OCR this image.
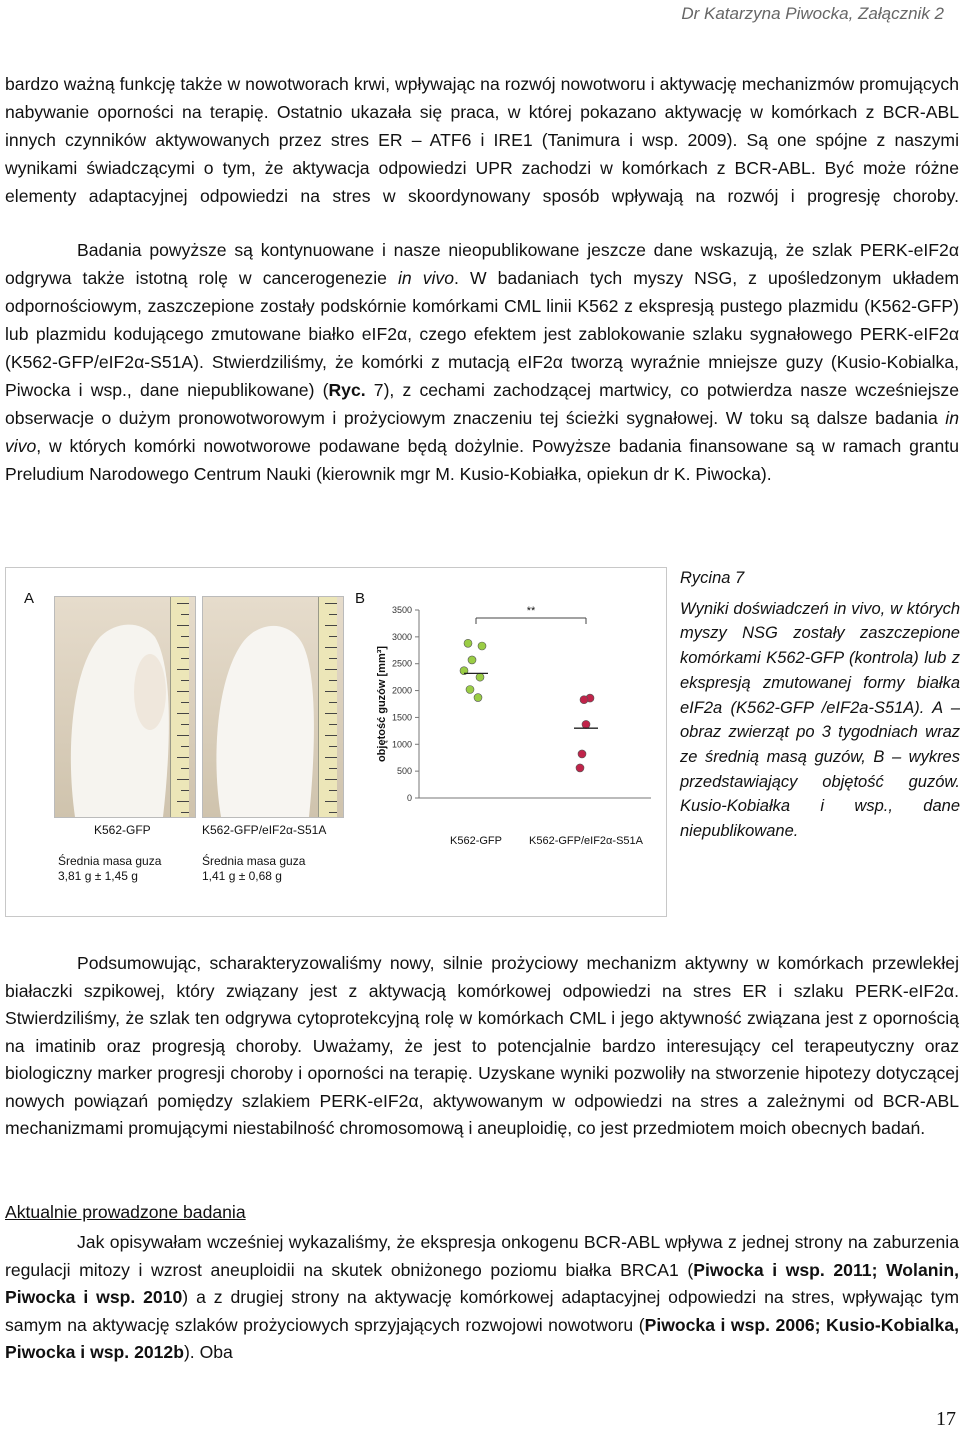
Dr Katarzyna Piwocka, Załącznik 2
bardzo ważną funkcję także w nowotworach krwi, wpływając na rozwój nowotworu i aktywację mechanizmów promujących nabywanie oporności na terapię. Ostatnio ukazała się praca, w której pokazano aktywację w komórkach z BCR-ABL innych czynników aktywowanych przez stres ER – ATF6 i IRE1 (Tanimura i wsp. 2009). Są one spójne z naszymi wynikami świadczącymi o tym, że aktywacja odpowiedzi UPR zachodzi w komórkach z BCR-ABL. Być może różne elementy adaptacyjnej odpowiedzi na stres w skoordynowany sposób wpływają na rozwój i progresję choroby.
Badania powyższe są kontynuowane i nasze nieopublikowane jeszcze dane wskazują, że szlak PERK-eIF2α odgrywa także istotną rolę w cancerogenezie in vivo. W badaniach tych myszy NSG, z upośledzonym układem odpornościowym, zaszczepione zostały podskórnie komórkami CML linii K562 z ekspresją pustego plazmidu (K562-GFP) lub plazmidu kodującego zmutowane białko eIF2α, czego efektem jest zablokowanie szlaku sygnałowego PERK-eIF2α (K562-GFP/eIF2α-S51A). Stwierdziliśmy, że komórki z mutacją eIF2α tworzą wyraźnie mniejsze guzy (Kusio-Kobialka, Piwocka i wsp., dane niepublikowane) (Ryc. 7), z cechami zachodzącej martwicy, co potwierdza nasze wcześniejsze obserwacje o dużym pronowotworowym i prożyciowym znaczeniu tej ścieżki sygnałowej. W toku są dalsze badania in vivo, w których komórki nowotworowe podawane będą dożylnie. Powyższe badania finansowane są w ramach grantu Preludium Narodowego Centrum Nauki (kierownik mgr M. Kusio-Kobiałka, opiekun dr K. Piwocka).
A	B
K562-GFP	K562-GFP/eIF2α-S51A
Średnia masa guza
3,81 g ± 1,45 g
Średnia masa guza
1,41 g ± 0,68 g
0
500
1000
1500
2000
2500
3000
3500
objętość guzów [mm³]
K562-GFP K562-GFP/eIF2α-S51A
**
Rycina 7
Wyniki doświadczeń in vivo, w których myszy NSG zostały zaszczepione komórkami K562-GFP (kontrola) lub z ekspresją zmutowanej formy białka eIF2a (K562-GFP /eIF2a-S51A). A – obraz zwierząt po 3 tygodniach wraz ze średnią masą guzów, B – wykres przedstawiający objętość guzów. Kusio-Kobiałka i wsp., dane niepublikowane.
Podsumowując, scharakteryzowaliśmy nowy, silnie prożyciowy mechanizm aktywny w komórkach przewlekłej białaczki szpikowej, który związany jest z aktywacją komórkowej odpowiedzi na stres ER i szlaku PERK-eIF2α. Stwierdziliśmy, że szlak ten odgrywa cytoprotekcyjną rolę w komórkach CML i jego aktywność związana jest z opornością na imatinib oraz progresją choroby. Uważamy, że jest to potencjalnie bardzo interesujący cel terapeutyczny oraz biologiczny marker progresji choroby i oporności na terapię. Uzyskane wyniki pozwoliły na stworzenie hipotezy dotyczącej nowych powiązań pomiędzy szlakiem PERK-eIF2α, aktywowanym w odpowiedzi na stres a zależnymi od BCR-ABL mechanizmami promującymi niestabilność chromosomową i aneuploidię, co jest przedmiotem moich obecnych badań.
Aktualnie prowadzone badania
Jak opisywałam wcześniej wykazaliśmy, że ekspresja onkogenu BCR-ABL wpływa z jednej strony na zaburzenia regulacji mitozy i wzrost aneuploidii na skutek obniżonego poziomu białka BRCA1 (Piwocka i wsp. 2011; Wolanin, Piwocka i wsp. 2010) a z drugiej strony na aktywację komórkowej adaptacyjnej odpowiedzi na stres, wpływając tym samym na aktywację szlaków prożyciowych sprzyjających rozwojowi nowotworu (Piwocka i wsp. 2006; Kusio-Kobialka, Piwocka i wsp. 2012b). Oba
17
